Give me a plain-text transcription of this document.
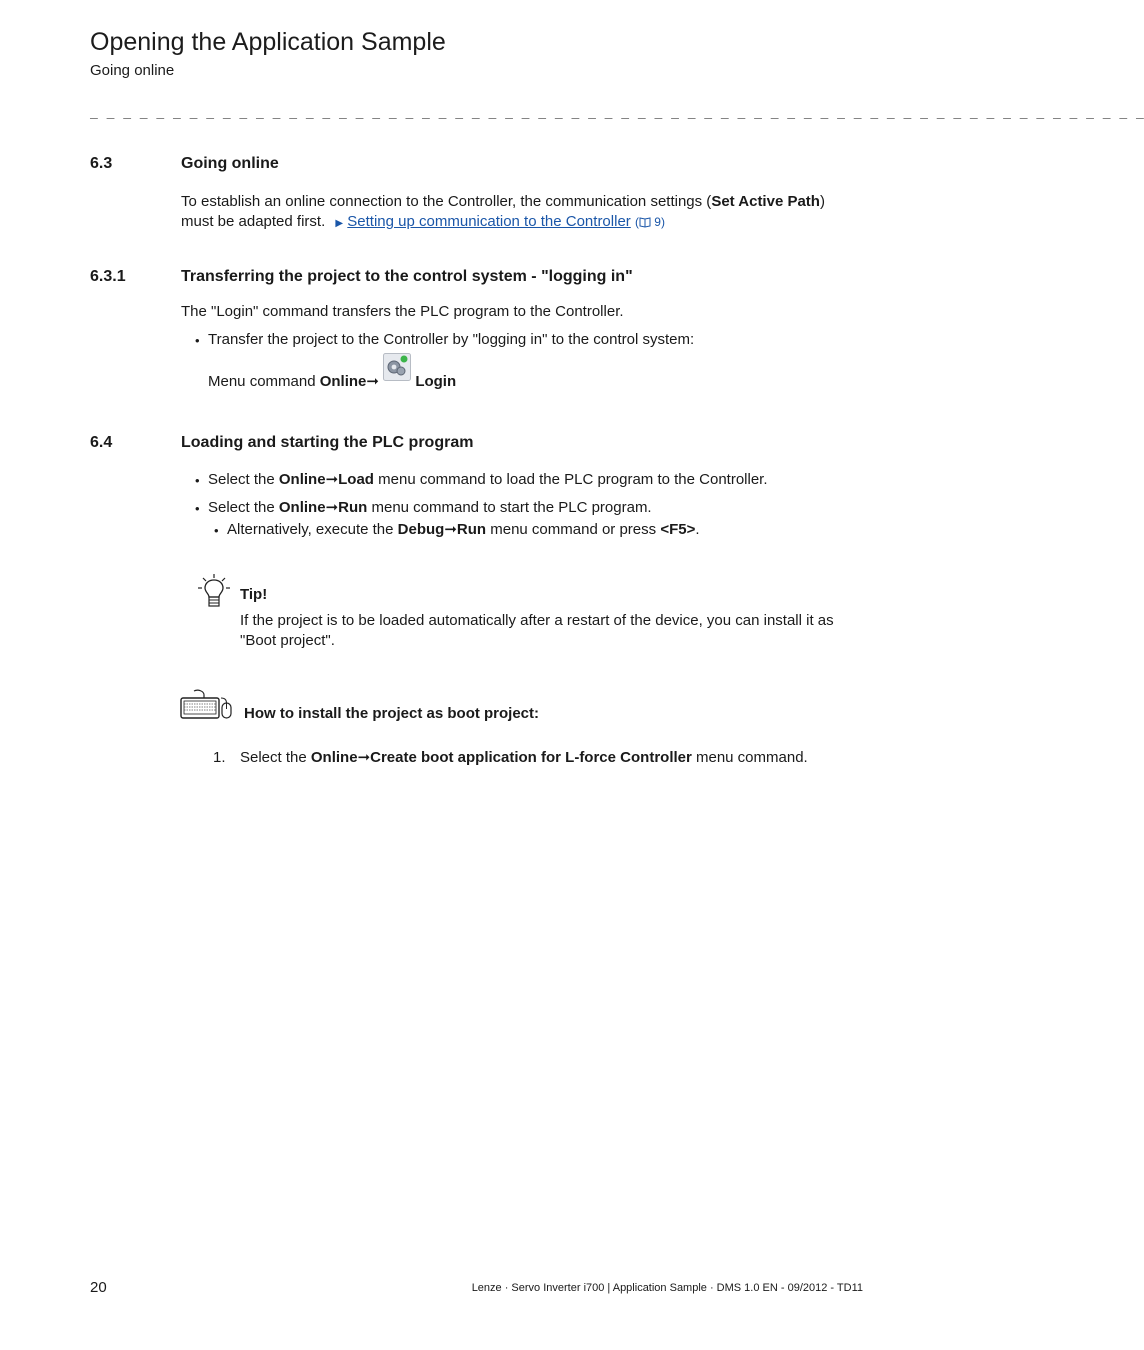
Opening the Application Sample
Going online
_ _ _ _ _ _ _ _ _ _ _ _ _ _ _ _ _ _ _ _ _ _ _ _ _ _ _ _ _ _ _ _ _ _ _ _ _ _ _ _ _ _ _ _ _ _ _ _ _ _ _ _ _ _ _ _ _ _ _ _ _ _ _ _
6.3	Going online
To establish an online connection to the Controller, the communication settings (Set Active Path)
must be adapted first. ▶ Setting up communication to the Controller ( 9)
6.3.1	Transferring the project to the control system - "logging in"
The "Login" command transfers the PLC program to the Controller.
• Transfer the project to the Controller by "logging in" to the control system:
Menu command Online➞ Login
6.4	Loading and starting the PLC program
• Select the Online➞Load menu command to load the PLC program to the Controller.
• Select the Online➞Run menu command to start the PLC program.
• Alternatively, execute the Debug➞Run menu command or press <F5>.
Tip!
If the project is to be loaded automatically after a restart of the device, you can install it as "Boot project".
How to install the project as boot project:
1. Select the Online➞Create boot application for L-force Controller menu command.
20	Lenze · Servo Inverter i700 | Application Sample · DMS 1.0 EN - 09/2012 - TD11
